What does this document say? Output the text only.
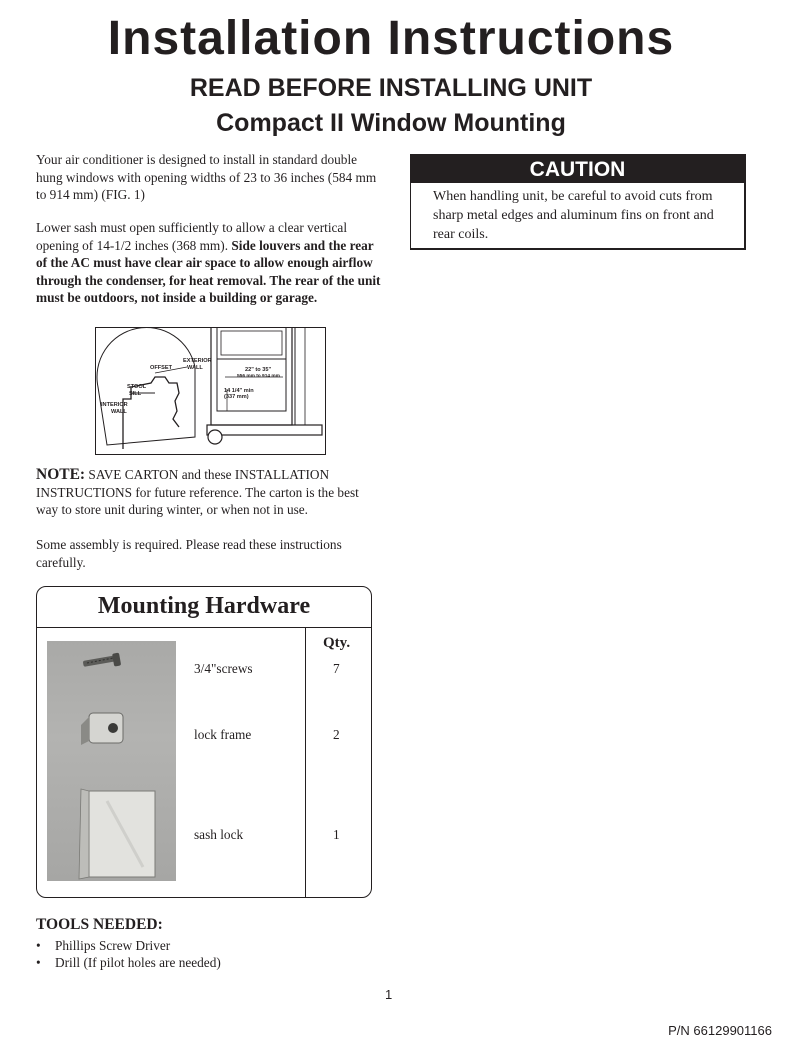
Installation Instructions
READ BEFORE INSTALLING UNIT
Compact II Window Mounting
Your air conditioner is designed to install in standard double hung windows with opening widths of 23 to 36 inches (584 mm to 914 mm) (FIG. 1)
Lower sash must open sufficiently to allow a clear vertical opening of 14-1/2 inches (368 mm). Side louvers and the rear of the AC must have clear air space to allow enough airflow through the condenser, for heat removal. The rear of the unit must be outdoors, not inside a building or garage.
CAUTION
When handling unit, be careful to avoid cuts from sharp metal edges and aluminum fins on front and rear coils.
OFFSET
EXTERIOR
WALL
STOOL
SILL
INTERIOR
WALL
22" to 35"
556 mm to 914 mm
14 1/4" min
(337 mm)
NOTE: SAVE CARTON and these INSTALLATION INSTRUCTIONS for future reference. The carton is the best way to store unit during winter, or when not in use.
Some assembly is required. Please read these instructions carefully.
Mounting Hardware
Qty.
3/4"screws	7
lock frame	2
sash lock	1
TOOLS NEEDED:
• Phillips Screw Driver
• Drill (If pilot holes are needed)
1
P/N 66129901166
